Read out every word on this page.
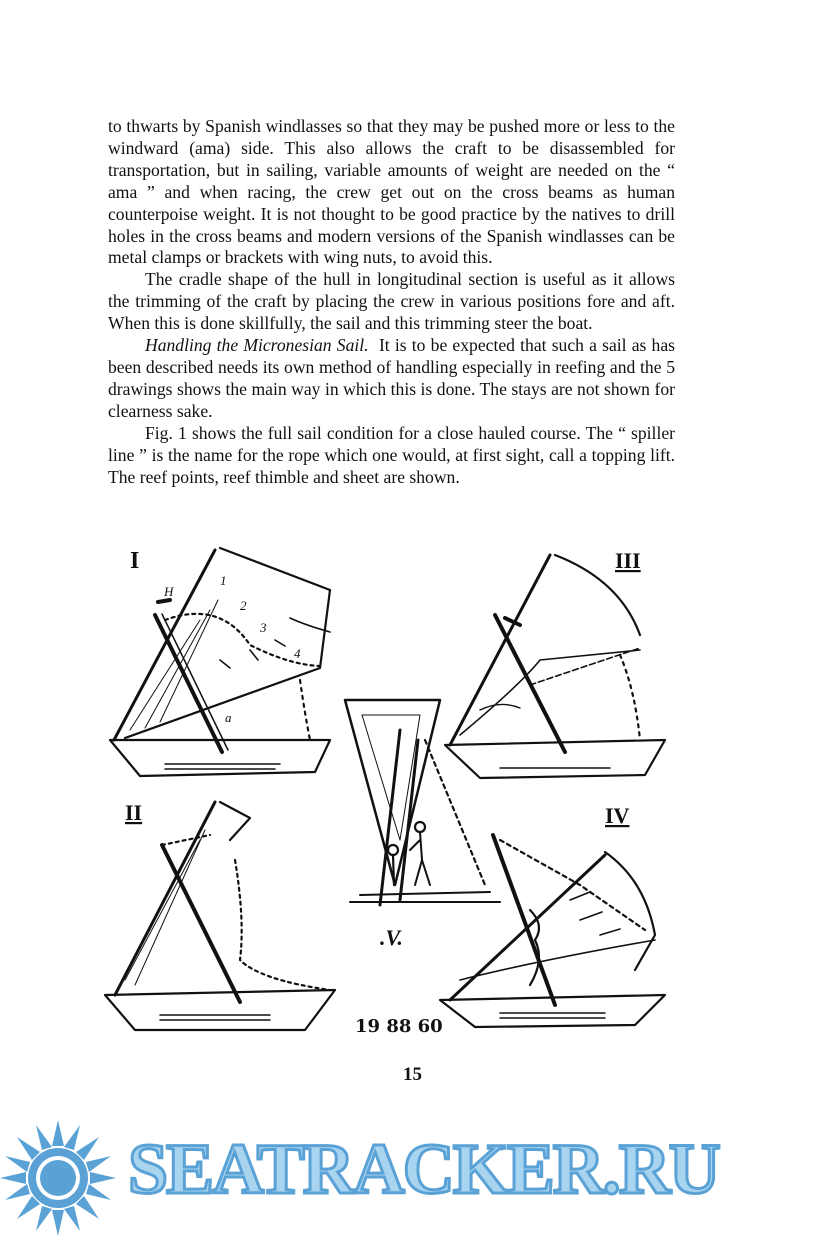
to thwarts by Spanish windlasses so that they may be pushed more or less to the windward (ama) side. This also allows the craft to be disassembled for transportation, but in sailing, variable amounts of weight are needed on the “ ama ” and when racing, the crew get out on the cross beams as human counterpoise weight. It is not thought to be good practice by the natives to drill holes in the cross beams and modern versions of the Spanish windlasses can be metal clamps or brackets with wing nuts, to avoid this.

The cradle shape of the hull in longitudinal section is useful as it allows the trimming of the craft by placing the crew in various positions fore and aft. When this is done skillfully, the sail and this trimming steer the boat.

Handling the Micronesian Sail. It is to be expected that such a sail as has been described needs its own method of handling especially in reefing and the 5 drawings shows the main way in which this is done. The stays are not shown for clearness sake.

Fig. 1 shows the full sail condition for a close hauled course. The “ spiller line ” is the name for the rope which one would, at first sight, call a topping lift. The reef points, reef thimble and sheet are shown.

I	III
II	IV
.V.
1
2
3
4
H
a
19 88 60
15
SEATRACKER.RU
